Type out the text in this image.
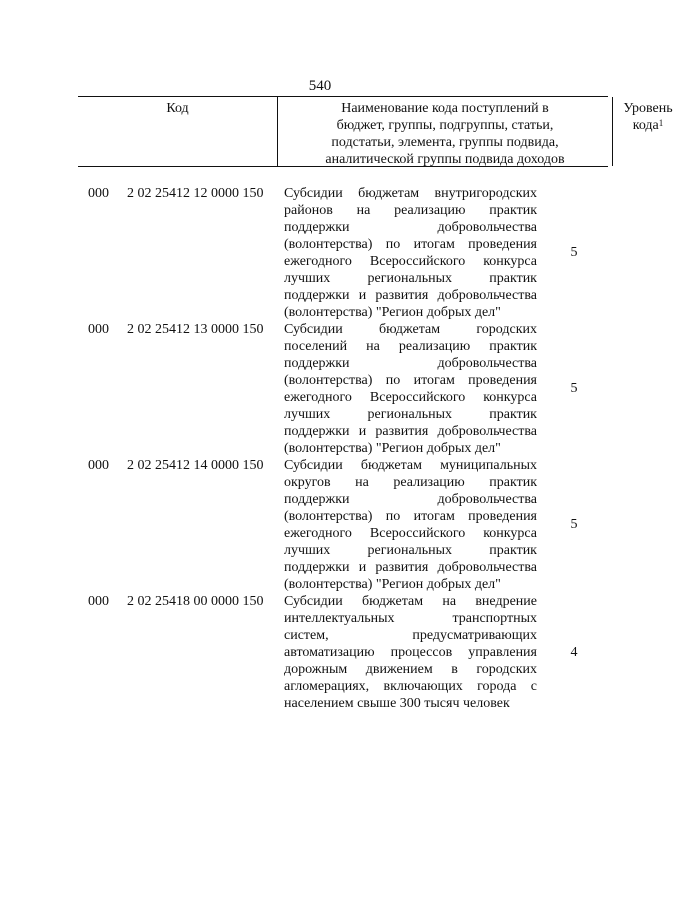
540
Код	Наименование кода поступлений в
бюджет, группы, подгруппы, статьи,
подстатьи, элемента, группы подвида,
аналитической группы подвида доходов
Уровень
кода$^1$
000 2 02 25412 12 0000 150 Субсидии бюджетам внутригородских
районов на реализацию практик
поддержки добровольчества
(волонтерства) по итогам проведения
ежегодного Всероссийского конкурса
лучших региональных практик
поддержки и развития добровольчества
(волонтерства) "Регион добрых дел"
5
000 2 02 25412 13 0000 150 Субсидии бюджетам городских
поселений на реализацию практик
поддержки добровольчества
(волонтерства) по итогам проведения
ежегодного Всероссийского конкурса
лучших региональных практик
поддержки и развития добровольчества
(волонтерства) "Регион добрых дел"
5
000 2 02 25412 14 0000 150 Субсидии бюджетам муниципальных
округов на реализацию практик
поддержки добровольчества
(волонтерства) по итогам проведения
ежегодного Всероссийского конкурса
лучших региональных практик
поддержки и развития добровольчества
(волонтерства) "Регион добрых дел"
5
000 2 02 25418 00 0000 150 Субсидии бюджетам на внедрение
интеллектуальных транспортных
систем, предусматривающих
автоматизацию процессов управления
дорожным движением в городских
агломерациях, включающих города с
населением свыше 300 тысяч человек
4
